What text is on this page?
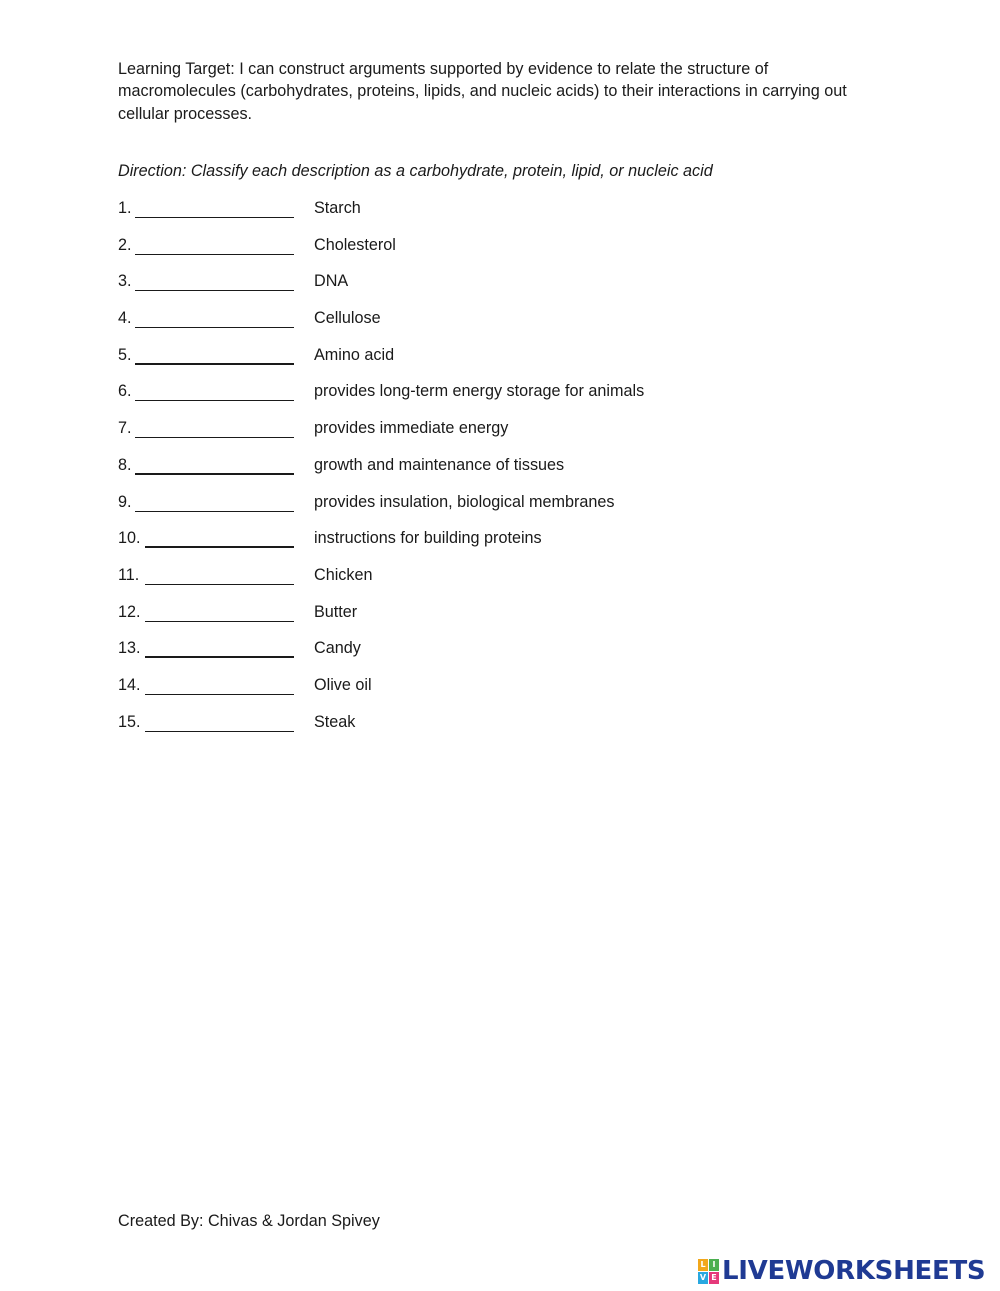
Learning Target: I can construct arguments supported by evidence to relate the structure of macromolecules (carbohydrates, proteins, lipids, and nucleic acids) to their interactions in carrying out cellular processes.
Direction: Classify each description as a carbohydrate, protein, lipid, or nucleic acid
1.	Starch
2.	Cholesterol
3.	DNA
4.	Cellulose
5.	Amino acid
6.	provides long-term energy storage for animals
7.	provides immediate energy
8.	growth and maintenance of tissues
9.	provides insulation, biological membranes
10.	instructions for building proteins
11.	Chicken
12.	Butter
13.	Candy
14.	Olive oil
15.	Steak
Created By: Chivas & Jordan Spivey
L I
V E LIVEWORKSHEETS
